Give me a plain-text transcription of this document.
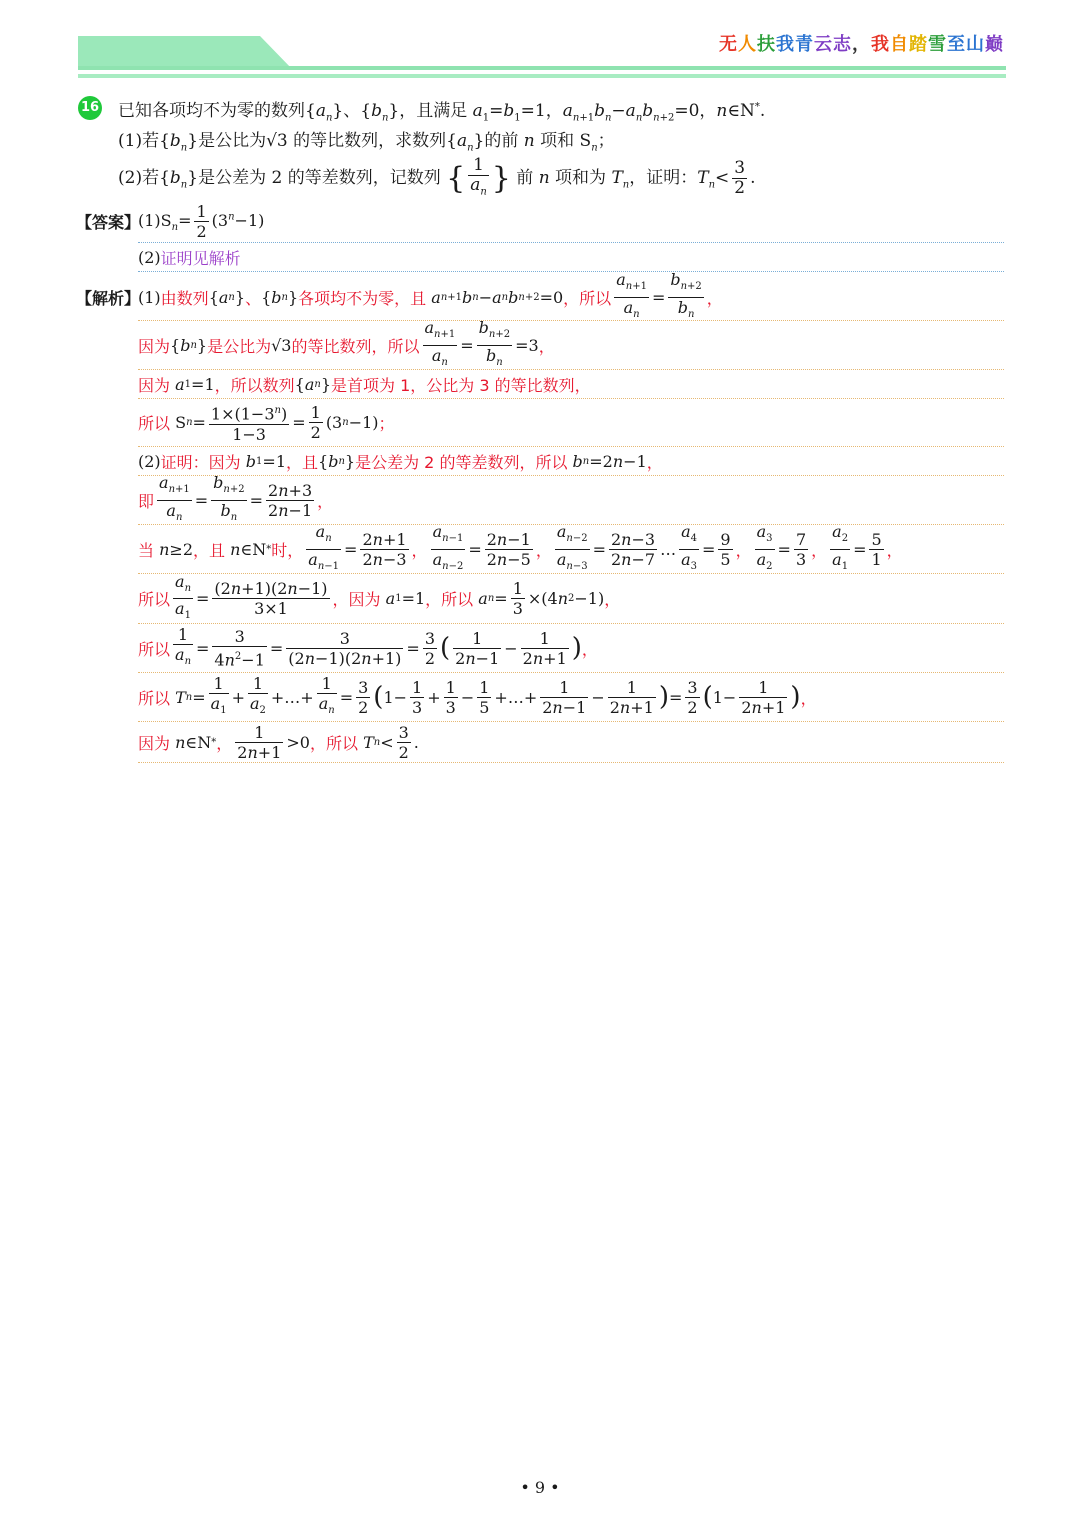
无人扶我青云志，我自踏雪至山巅
16 已知各项均不为零的数列$\{a_n\}$、$\{b_n\}$，且满足 $a_1=b_1=1$，$a_{n+1}b_n-a_nb_{n+2}=0$，n∈N*.
(1)若$\{b_n\}$是公比为√3 的等比数列，求数列$\{a_n\}$的前 n 项和 $S_n$；
(2)若$\{b_n\}$是公差为 2 的等差数列，记数列 { $\frac{1}{a_n}$ } 前 n 项和为 $T_n$，证明：$T_n< \frac{3}{2}$ .
【答案】
$(1)S_n= \frac{1}{2} (3^n-1)$
(2) 证明见解析
【解析】
(1) 由数列 { a n } 、 { b n } 各项均不为零，且
a n+1 b n − a n b n+2 =0 ，所以 $\frac{a_{n+1}}{a_n} = \frac{b_{n+2}}{b_n}$ ，
因为 { b n } 是公比为 √3 的等比数列，所以 $\frac{a_{n+1}}{a_n} = \frac{b_{n+2}}{b_n} =3$ ，
因为
a 1 =1 ，所以数列 { a n } 是首项为 1，公比为 3 的等比数列，
所以 S $n = \frac{1\times(1-3^n)}{1-3} = \frac{1}{2} (3$ n −1) ；
(2) 证明：因为
b 1 =1 ，且 { b n } 是公差为 2 的等差数列，所以
b n =2 n −1 ，
即 $\frac{a_{n+1}}{a_n} = \frac{b_{n+2}}{b_n} = \frac{2n+3}{2n-1}$ ，
当
n ≥2 ，且
n ∈N * 时， $\frac{a_n}{a_{n-1}} = \frac{2n+1}{2n-3}$ ， $\frac{a_{n-1}}{a_{n-2}} = \frac{2n-1}{2n-5}$ ， $\frac{a_{n-2}}{a_{n-3}} = \frac{2n-3}{2n-7}$ … $\frac{a_4}{a_3} = \frac{9}{5}$ ， $\frac{a_3}{a_2} = \frac{7}{3}$ ， $\frac{a_2}{a_1} = \frac{5}{1}$ ，
所以 $\frac{a_n}{a_1} = \frac{(2n+1)(2n-1)}{3\times 1}$ ，因为
a 1 =1 ，所以
a $n = \frac{1}{3} \times(4$ n 2 −1) ，
所以 $\frac{1}{a_n} = \frac{3}{4n^2-1} = \frac{3}{(2n-1)(2n+1)} = \frac{3}{2}$ ( $\frac{1}{2n-1} - \frac{1}{2n+1}$ ) ，
所以
T $n = \frac{1}{a_1} + \frac{1}{a_2}$ +…+ $\frac{1}{a_n} = \frac{3}{2}$ ( $1- \frac{1}{3} + \frac{1}{3} - \frac{1}{5}$ +…+ $\frac{1}{2n-1} - \frac{1}{2n+1}$ ) = $\frac{3}{2}$ ( $1- \frac{1}{2n+1}$ ) ，
因为
n ∈N * ， $\frac{1}{2n+1} >0$ ，所以
T $n < \frac{3}{2}$ .
• 9 •
